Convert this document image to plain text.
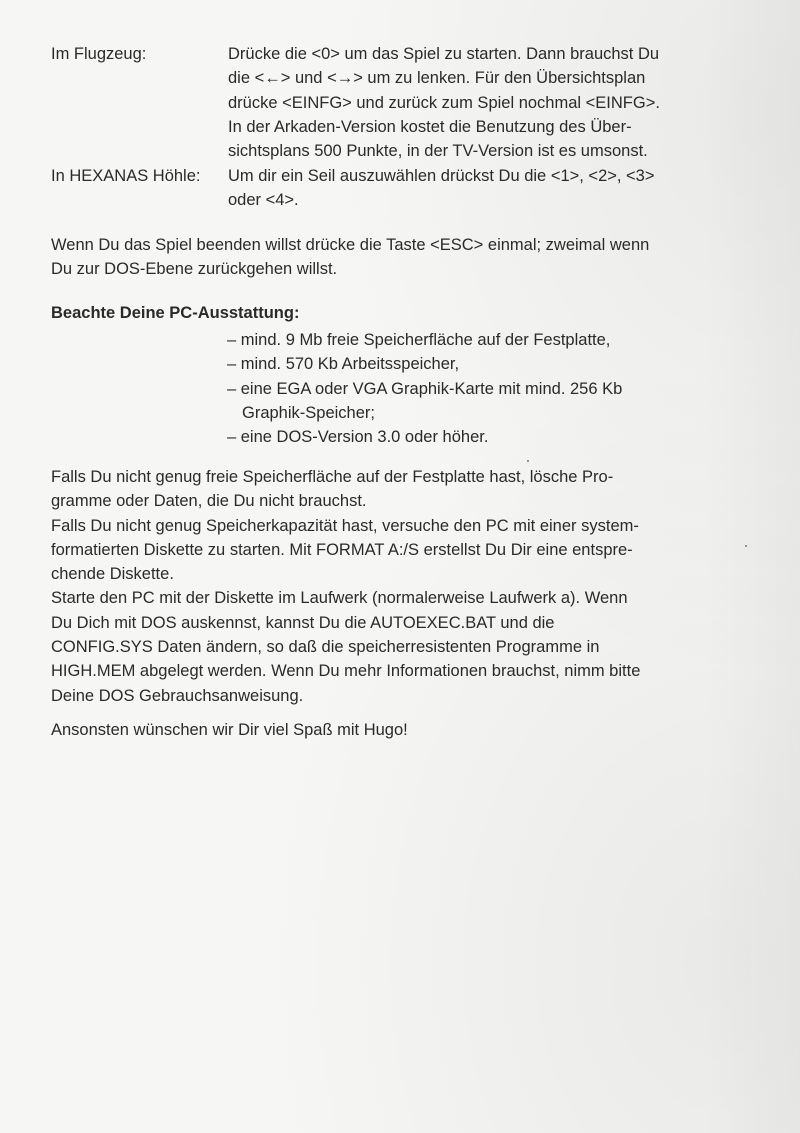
Im Flugzeug:	Drücke die <0> um das Spiel zu starten. Dann brauchst Du
die <←> und <→> um zu lenken. Für den Übersichtsplan
drücke <EINFG> und zurück zum Spiel nochmal <EINFG>.
In der Arkaden-Version kostet die Benutzung des Über-
sichtsplans 500 Punkte, in der TV-Version ist es umsonst.
In HEXANAS Höhle: Um dir ein Seil auszuwählen drückst Du die <1>, <2>, <3>
oder <4>.
Wenn Du das Spiel beenden willst drücke die Taste <ESC> einmal; zweimal wenn
Du zur DOS-Ebene zurückgehen willst.
Beachte Deine PC-Ausstattung:
– mind. 9 Mb freie Speicherfläche auf der Festplatte,
– mind. 570 Kb Arbeitsspeicher,
– eine EGA oder VGA Graphik-Karte mit mind. 256 Kb
Graphik-Speicher;
– eine DOS-Version 3.0 oder höher.
Falls Du nicht genug freie Speicherfläche auf der Festplatte hast, lösche Pro-
gramme oder Daten, die Du nicht brauchst.
Falls Du nicht genug Speicherkapazität hast, versuche den PC mit einer system-
formatierten Diskette zu starten. Mit FORMAT A:/S erstellst Du Dir eine entspre-
chende Diskette.
Starte den PC mit der Diskette im Laufwerk (normalerweise Laufwerk a). Wenn
Du Dich mit DOS auskennst, kannst Du die AUTOEXEC.BAT und die
CONFIG.SYS Daten ändern, so daß die speicherresistenten Programme in
HIGH.MEM abgelegt werden. Wenn Du mehr Informationen brauchst, nimm bitte
Deine DOS Gebrauchsanweisung.
Ansonsten wünschen wir Dir viel Spaß mit Hugo!
